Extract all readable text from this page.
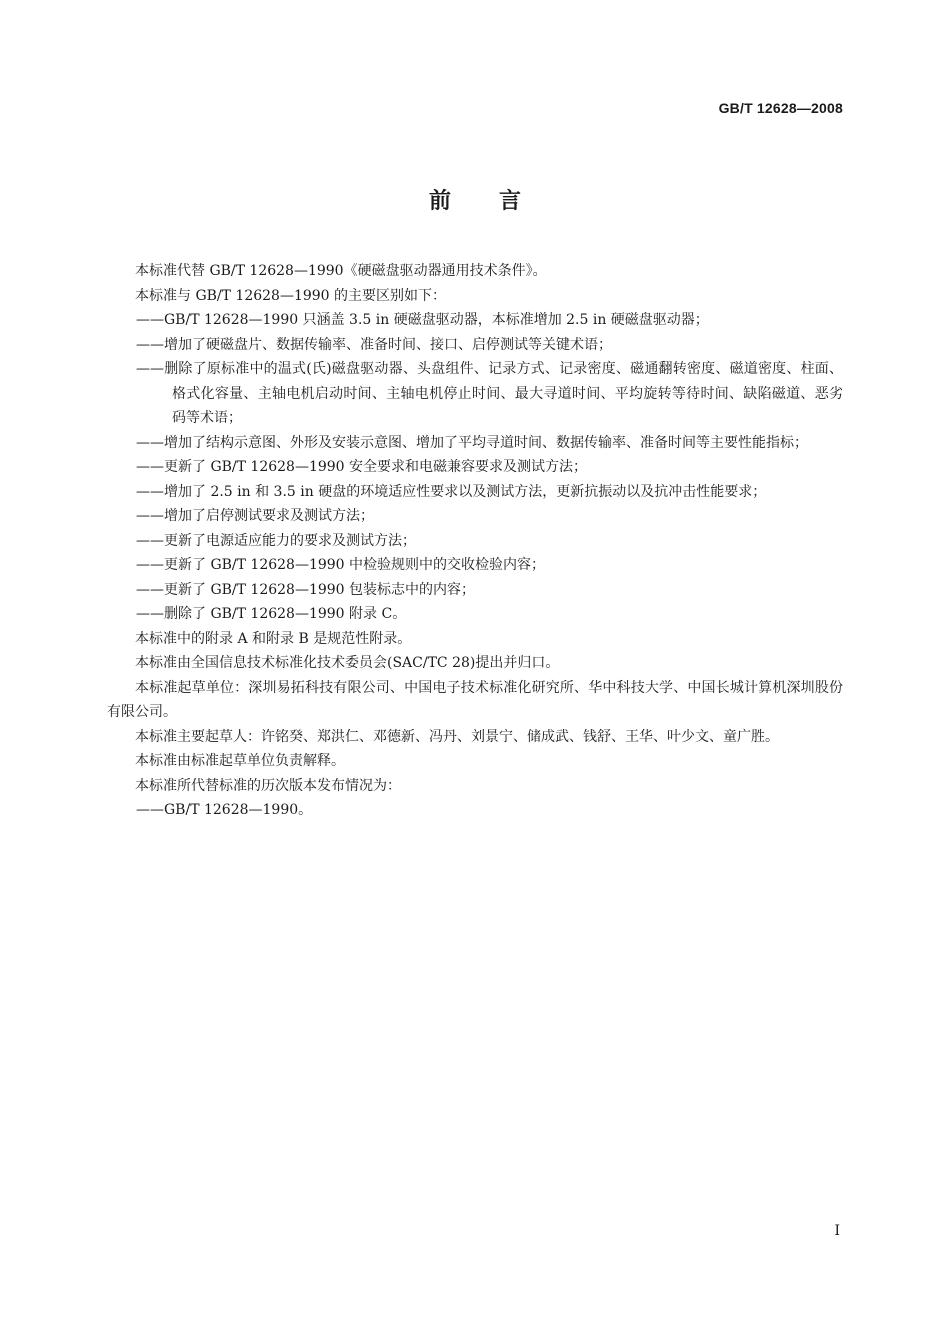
GB/T 12628—2008
前言

本标准代替 GB/T 12628—1990《硬磁盘驱动器通用技术条件》。

本标准与 GB/T 12628—1990 的主要区别如下：

——GB/T 12628—1990 只涵盖 3.5 in 硬磁盘驱动器，本标准增加 2.5 in 硬磁盘驱动器；

——增加了硬磁盘片、数据传输率、准备时间、接口、启停测试等关键术语；

——删除了原标准中的温式(氏)磁盘驱动器、头盘组件、记录方式、记录密度、磁通翻转密度、磁道密度、柱面、格式化容量、主轴电机启动时间、主轴电机停止时间、最大寻道时间、平均旋转等待时间、缺陷磁道、恶劣码等术语；

——增加了结构示意图、外形及安装示意图、增加了平均寻道时间、数据传输率、准备时间等主要性能指标；

——更新了 GB/T 12628—1990 安全要求和电磁兼容要求及测试方法；

——增加了 2.5 in 和 3.5 in 硬盘的环境适应性要求以及测试方法，更新抗振动以及抗冲击性能要求；

——增加了启停测试要求及测试方法；

——更新了电源适应能力的要求及测试方法；

——更新了 GB/T 12628—1990 中检验规则中的交收检验内容；

——更新了 GB/T 12628—1990 包装标志中的内容；

——删除了 GB/T 12628—1990 附录 C。

本标准中的附录 A 和附录 B 是规范性附录。

本标准由全国信息技术标准化技术委员会(SAC/TC 28)提出并归口。

本标准起草单位：深圳易拓科技有限公司、中国电子技术标准化研究所、华中科技大学、中国长城计算机深圳股份有限公司。

本标准主要起草人：许铭癸、郑洪仁、邓德新、冯丹、刘景宁、储成武、钱舒、王华、叶少文、童广胜。

本标准由标准起草单位负责解释。

本标准所代替标准的历次版本发布情况为：

——GB/T 12628—1990。

I
